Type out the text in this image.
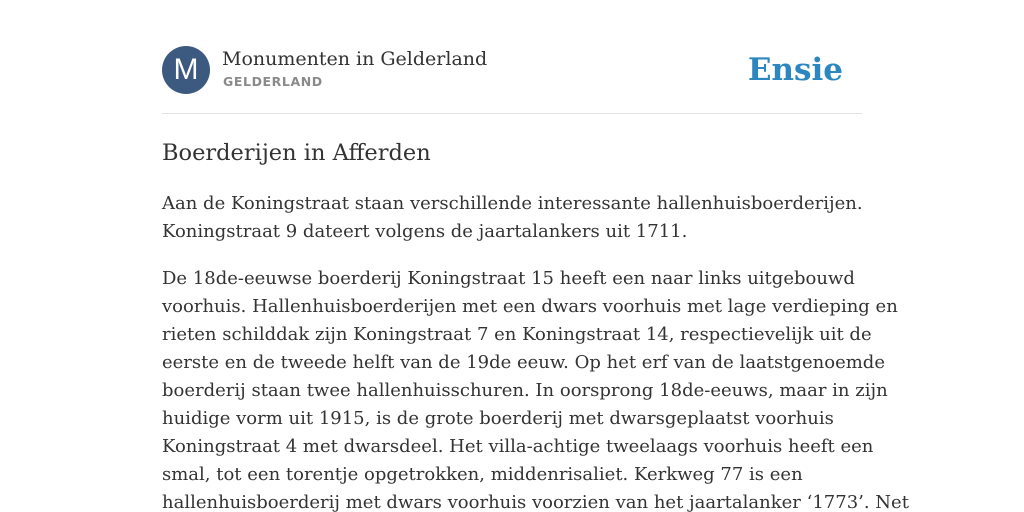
M	Monumenten in Gelderland
GELDERLAND	Ensie
Boerderijen in Afferden

Aan de Koningstraat staan verschillende interessante hallenhuisboerderijen.
Koningstraat 9 dateert volgens de jaartalankers uit 1711.

De 18de-eeuwse boerderij Koningstraat 15 heeft een naar links uitgebouwd
voorhuis. Hallenhuisboerderijen met een dwars voorhuis met lage verdieping en
rieten schilddak zijn Koningstraat 7 en Koningstraat 14, respectievelijk uit de
eerste en de tweede helft van de 19de eeuw. Op het erf van de laatstgenoemde
boerderij staan twee hallenhuisschuren. In oorsprong 18de-eeuws, maar in zijn
huidige vorm uit 1915, is de grote boerderij met dwarsgeplaatst voorhuis
Koningstraat 4 met dwarsdeel. Het villa-achtige tweelaags voorhuis heeft een
smal, tot een torentje opgetrokken, middenrisaliet. Kerkweg 77 is een
hallenhuisboerderij met dwars voorhuis voorzien van het jaartalanker ‘1773’. Net
